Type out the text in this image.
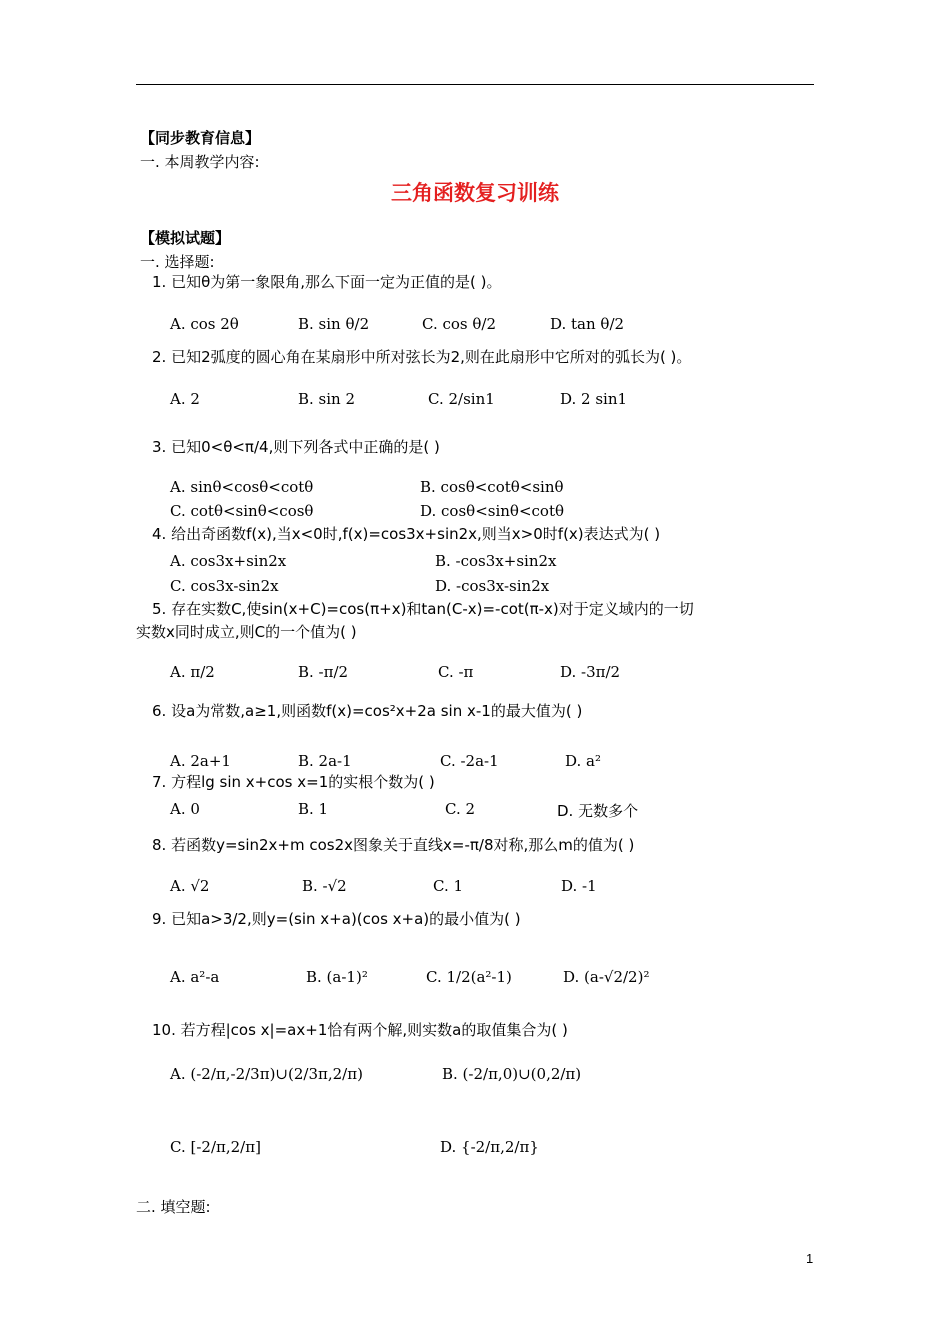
【同步教育信息】
一. 本周教学内容:
三角函数复习训练
【模拟试题】
一. 选择题:
1. 已知θ为第一象限角,那么下面一定为正值的是( )。
A. cos 2θ	B. sin θ/2	C. cos θ/2	D. tan θ/2
2. 已知2弧度的圆心角在某扇形中所对弦长为2,则在此扇形中它所对的弧长为( )。
A. 2	B. sin 2	C. 2/sin1	D. 2 sin1
3. 已知0<θ<π/4,则下列各式中正确的是( )
A. sinθ<cosθ<cotθ	B. cosθ<cotθ<sinθ
C. cotθ<sinθ<cosθ	D. cosθ<sinθ<cotθ
4. 给出奇函数f(x),当x<0时,f(x)=cos3x+sin2x,则当x>0时f(x)表达式为( )
A. cos3x+sin2x	B. -cos3x+sin2x
C. cos3x-sin2x	D. -cos3x-sin2x
5. 存在实数C,使sin(x+C)=cos(π+x)和tan(C-x)=-cot(π-x)对于定义域内的一切
实数x同时成立,则C的一个值为( )
A. π/2	B. -π/2	C. -π	D. -3π/2
6. 设a为常数,a≥1,则函数f(x)=cos²x+2a sin x-1的最大值为( )
A. 2a+1	B. 2a-1	C. -2a-1	D. a²
7. 方程lg sin x+cos x=1的实根个数为( )
A. 0	B. 1	C. 2	D. 无数多个
8. 若函数y=sin2x+m cos2x图象关于直线x=-π/8对称,那么m的值为( )
A. √2	B. -√2	C. 1	D. -1
9. 已知a>3/2,则y=(sin x+a)(cos x+a)的最小值为( )
A. a²-a	B. (a-1)²	C. 1/2(a²-1)	D. (a-√2/2)²
10. 若方程|cos x|=ax+1恰有两个解,则实数a的取值集合为( )
A. (-2/π,-2/3π)∪(2/3π,2/π)	B. (-2/π,0)∪(0,2/π)
C. [-2/π,2/π]	D. {-2/π,2/π}
二. 填空题:
1
